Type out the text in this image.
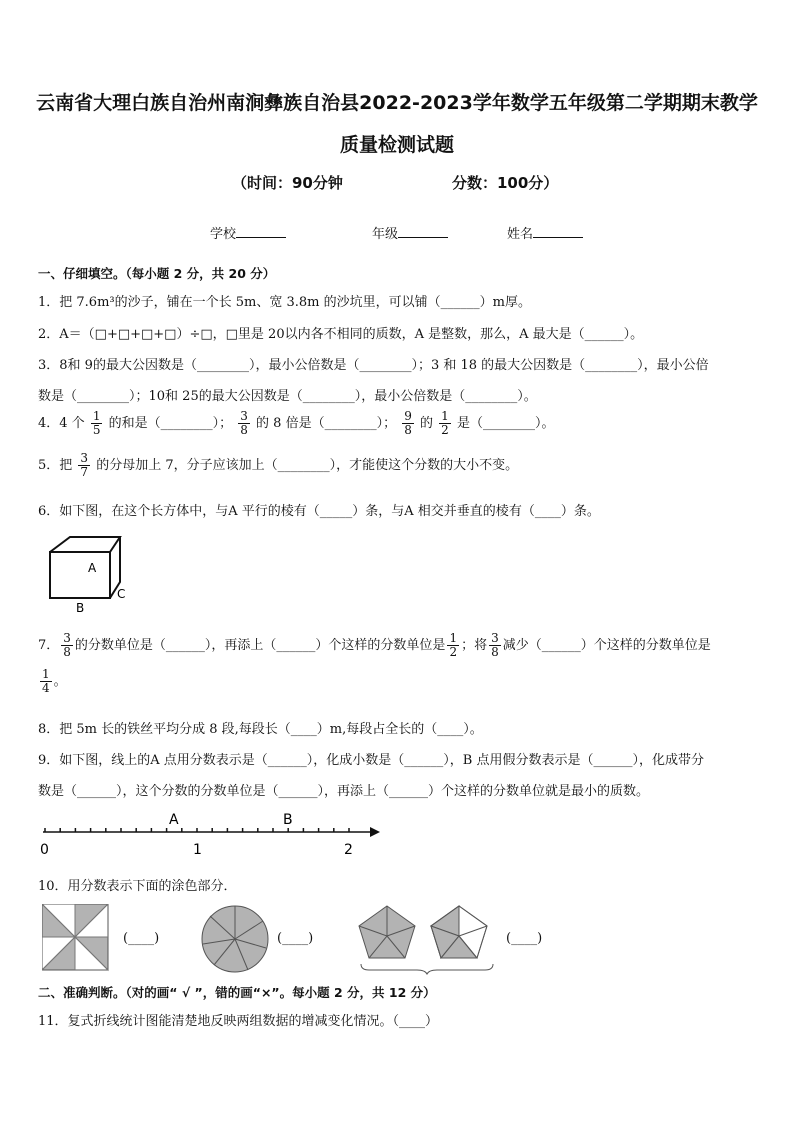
云南省大理白族自治州南涧彝族自治县2022-2023学年数学五年级第二学期期末教学
质量检测试题
（时间：90分钟	分数：100分）
学校	年级	姓名
一、仔细填空。（每小题 2 分，共 20 分）
1．把 7.6m³的沙子，铺在一个长 5m、宽 3.8m 的沙坑里，可以铺（______）m厚。
2．A＝（□+□+□+□）÷□，□里是 20以内各不相同的质数，A 是整数，那么，A 最大是（______）。
3．8和 9的最大公因数是（________），最小公倍数是（________）；3 和 18 的最大公因数是（________），最小公倍
数是（________）；10和 25的最大公因数是（________），最小公倍数是（________）。
4．4 个 $\frac{1}{5}$ 的和是（________）； $\frac{3}{8}$ 的 8 倍是（________）； $\frac{9}{8}$ 的 $\frac{1}{2}$ 是（________）。
5．把 $\frac{3}{7}$ 的分母加上 7，分子应该加上（________），才能使这个分数的大小不变。
6．如下图，在这个长方体中，与A 平行的棱有（_____）条，与A 相交并垂直的棱有（____）条。
A
B
C
7． $\frac{3}{8}$ 的分数单位是（______），再添上（______）个这样的分数单位是 $\frac{1}{2}$ ；将 $\frac{3}{8}$ 减少（______）个这样的分数单位是
$\frac{1}{4}$ 。
8．把 5m 长的铁丝平均分成 8 段,每段长（____）m,每段占全长的（____）。
9．如下图，线上的A 点用分数表示是（______），化成小数是（______），B 点用假分数表示是（______），化成带分
数是（______），这个分数的分数单位是（______），再添上（______）个这样的分数单位就是最小的质数。
A	B
0	1	2
10．用分数表示下面的涂色部分．
(____)	(____)	(____)
二、准确判断。（对的画“ √ ”，错的画“×”。每小题 2 分，共 12 分）
11．复式折线统计图能清楚地反映两组数据的增减变化情况。（____）
